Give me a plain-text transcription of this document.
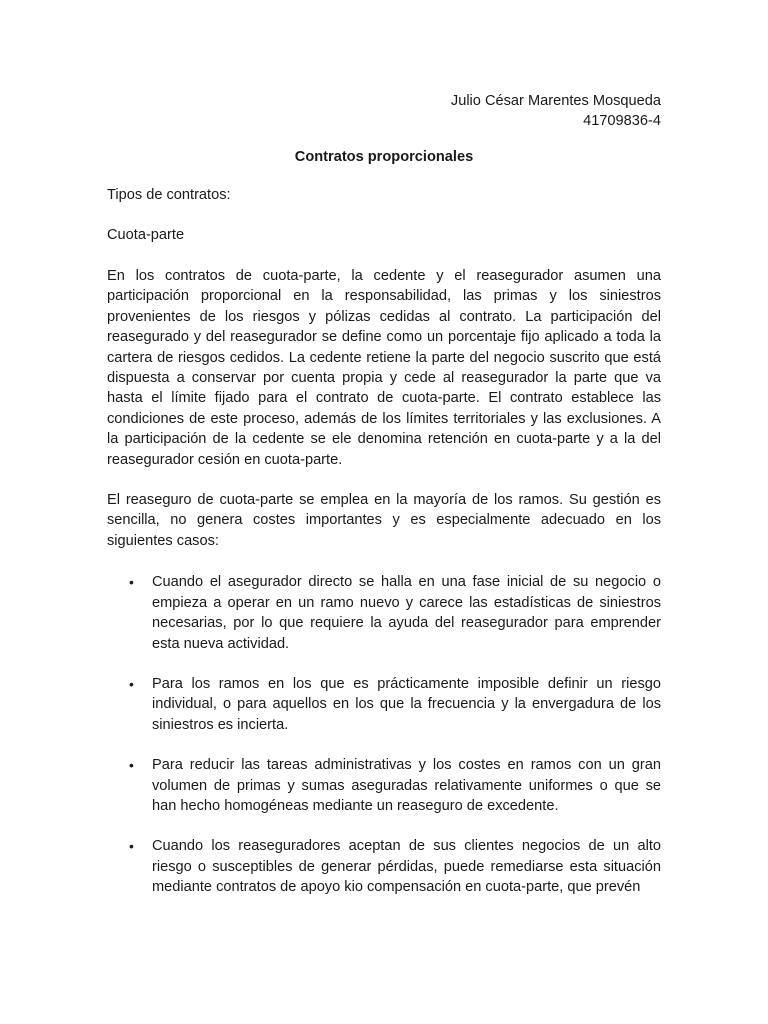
Julio César Marentes Mosqueda
41709836-4
Contratos proporcionales
Tipos de contratos:
Cuota-parte

En los contratos de cuota-parte, la cedente y el reasegurador asumen una participación proporcional en la responsabilidad, las primas y los siniestros provenientes de los riesgos y pólizas cedidas al contrato. La participación del reasegurado y del reasegurador se define como un porcentaje fijo aplicado a toda la cartera de riesgos cedidos. La cedente retiene la parte del negocio suscrito que está dispuesta a conservar por cuenta propia y cede al reasegurador la parte que va hasta el límite fijado para el contrato de cuota-parte. El contrato establece las condiciones de este proceso, además de los límites territoriales y las exclusiones. A la participación de la cedente se ele denomina retención en cuota-parte y a la del reasegurador cesión en cuota-parte.

El reaseguro de cuota-parte se emplea en la mayoría de los ramos. Su gestión es sencilla, no genera costes importantes y es especialmente adecuado en los siguientes casos:

• Cuando el asegurador directo se halla en una fase inicial de su negocio o empieza a operar en un ramo nuevo y carece las estadísticas de siniestros necesarias, por lo que requiere la ayuda del reasegurador para emprender esta nueva actividad.
• Para los ramos en los que es prácticamente imposible definir un riesgo individual, o para aquellos en los que la frecuencia y la envergadura de los siniestros es incierta.
• Para reducir las tareas administrativas y los costes en ramos con un gran volumen de primas y sumas aseguradas relativamente uniformes o que se han hecho homogéneas mediante un reaseguro de excedente.
• Cuando los reaseguradores aceptan de sus clientes negocios de un alto riesgo o susceptibles de generar pérdidas, puede remediarse esta situación mediante contratos de apoyo kio compensación en cuota-parte, que prevén
